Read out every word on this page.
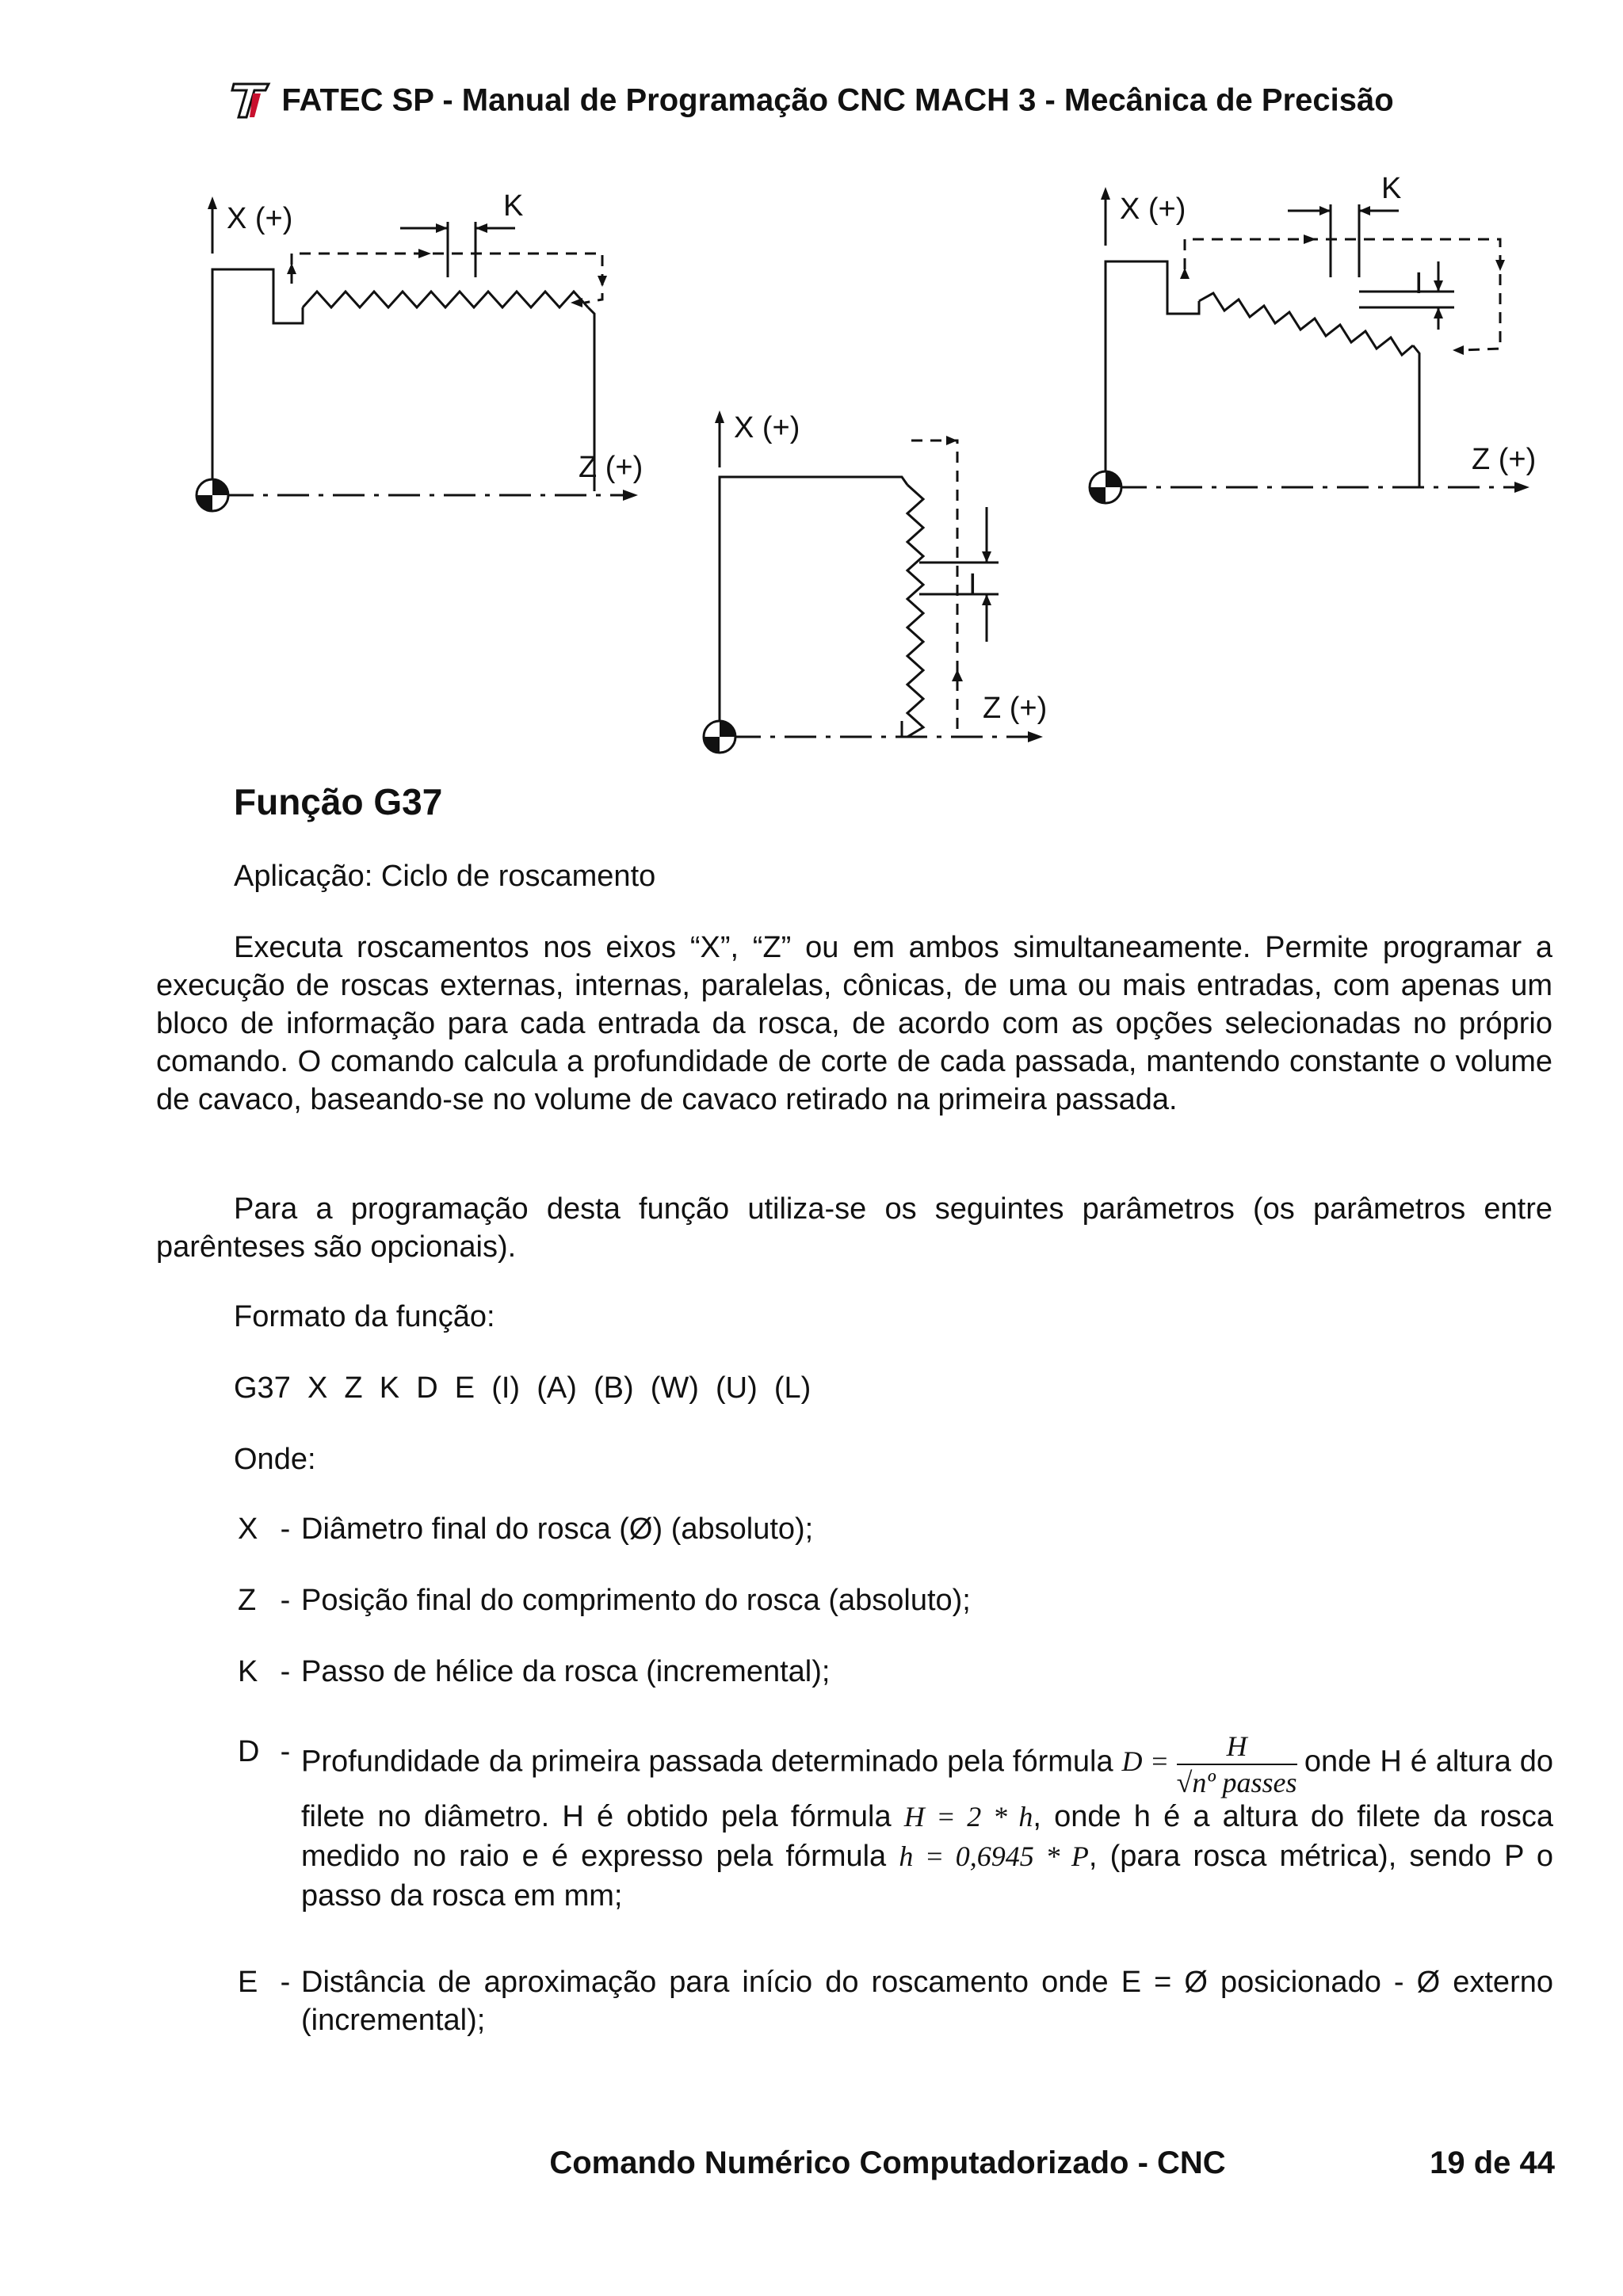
FATEC SP - Manual de Programação CNC MACH 3 - Mecânica de Precisão
X (+)	K
Z (+)
X (+)
I
Z (+)
X (+)
K
I
Z (+)
Função G37
Aplicação: Ciclo de roscamento
Executa roscamentos nos eixos “X”, “Z” ou em ambos simultaneamente. Permite programar a execução de roscas externas, internas, paralelas, cônicas, de uma ou mais entradas, com apenas um bloco de informação para cada entrada da rosca, de acordo com as opções selecionadas no próprio comando. O comando calcula a profundidade de corte de cada passada, mantendo constante o volume de cavaco, baseando-se no volume de cavaco retirado na primeira passada.
Para a programação desta função utiliza-se os seguintes parâmetros (os parâmetros entre parênteses são opcionais).
Formato da função:
G37  X  Z  K  D  E  (I)  (A)  (B)  (W)  (U)  (L)
Onde:
X - Diâmetro final do rosca (Ø) (absoluto);
Z - Posição final do comprimento do rosca (absoluto);
K - Passo de hélice da rosca (incremental);
D - Profundidade da primeira passada determinado pela fórmula $D = \frac{H}{\text{√nº passes}}$ onde H é altura do filete no diâmetro. H é obtido pela fórmula H = 2 * h, onde h é a altura do filete da rosca medido no raio e é expresso pela fórmula h = 0,6945 * P, (para rosca métrica), sendo P o passo da rosca em mm;
E - Distância de aproximação para início do roscamento onde E = Ø posicionado - Ø externo (incremental);
Comando Numérico Computadorizado - CNC	19 de 44
